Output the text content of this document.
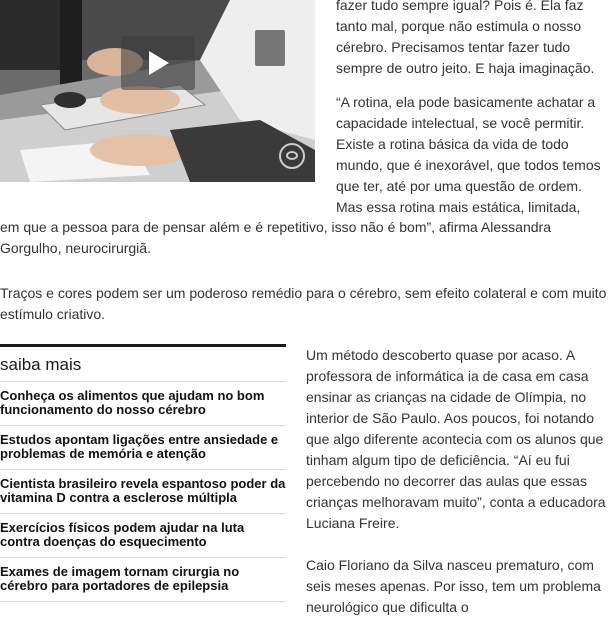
fazer tudo sempre igual? Pois é. Ela faz tanto mal, porque não estimula o nosso cérebro. Precisamos tentar fazer tudo sempre de outro jeito. E haja imaginação.

“A rotina, ela pode basicamente achatar a capacidade intelectual, se você permitir. Existe a rotina básica da vida de todo mundo, que é inexorável, que todos temos que ter, até por uma questão de ordem. Mas essa rotina mais estática, limitada,

em que a pessoa para de pensar além e é repetitivo, isso não é bom”, afirma Alessandra Gorgulho, neurocirurgiã.

Traços e cores podem ser um poderoso remédio para o cérebro, sem efeito colateral e com muito estímulo criativo.

saiba mais
Conheça os alimentos que ajudam no bom funcionamento do nosso cérebro
Estudos apontam ligações entre ansiedade e problemas de memória e atenção
Cientista brasileiro revela espantoso poder da vitamina D contra a esclerose múltipla
Exercícios físicos podem ajudar na luta contra doenças do esquecimento
Exames de imagem tornam cirurgia no cérebro para portadores de epilepsia

Um método descoberto quase por acaso. A professora de informática ia de casa em casa ensinar as crianças na cidade de Olímpia, no interior de São Paulo. Aos poucos, foi notando que algo diferente acontecia com os alunos que tinham algum tipo de deficiência. “Aí eu fui percebendo no decorrer das aulas que essas crianças melhoravam muito”, conta a educadora Luciana Freire.

Caio Floriano da Silva nasceu prematuro, com seis meses apenas. Por isso, tem um problema neurológico que dificulta o
